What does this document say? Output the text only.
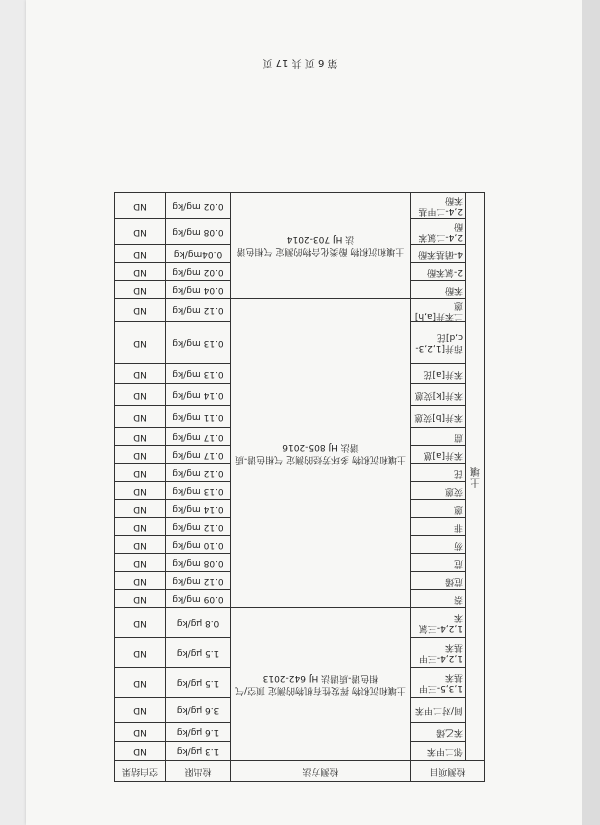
检测项目		检测方法	检出限	空白结果
土壤	邻二甲苯	土壤和沉积物 挥发性有机物的测定 顶空/气相色谱-质谱法 HJ 642-2013	1.3 μg/kg	ND
	苯乙烯		1.6 μg/kg	ND
	间/对二甲苯		3.6 μg/kg	ND
	1,3,5-三甲基苯		1.5 μg/kg	ND
	1,2,4-三甲基苯		1.5 μg/kg	ND
	1,2,4-三氯苯		0.8 μg/kg	ND
	萘	土壤和沉积物 多环芳烃的测定 气相色谱-质谱法 HJ 805-2016	0.09 mg/kg	ND
	苊烯		0.12 mg/kg	ND
	苊		0.08 mg/kg	ND
	芴		0.10 mg/kg	ND
	菲		0.12 mg/kg	ND
	蒽		0.14 mg/kg	ND
	荧蒽		0.13 mg/kg	ND
	芘		0.12 mg/kg	ND
	苯并[a]蒽		0.17 mg/kg	ND
	䓛		0.17 mg/kg	ND
	苯并[b]荧蒽		0.11 mg/kg	ND
	苯并[k]荧蒽		0.14 mg/kg	ND
	苯并[a]芘		0.13 mg/kg	ND
	茚并[1,2,3-c,d]芘		0.13 mg/kg	ND
	二苯并[a,h]蒽		0.12 mg/kg	ND
	苯酚	土壤和沉积物 酚类化合物的测定 气相色谱法 HJ 703-2014	0.04 mg/kg	ND
	2-氯苯酚		0.02 mg/kg	ND
	4-硝基苯酚		0.04mg/kg	ND
	2,4-二氯苯酚		0.08 mg/kg	ND
	2,4-二甲基苯酚		0.02 mg/kg	ND
第 6 页 共 17 页
